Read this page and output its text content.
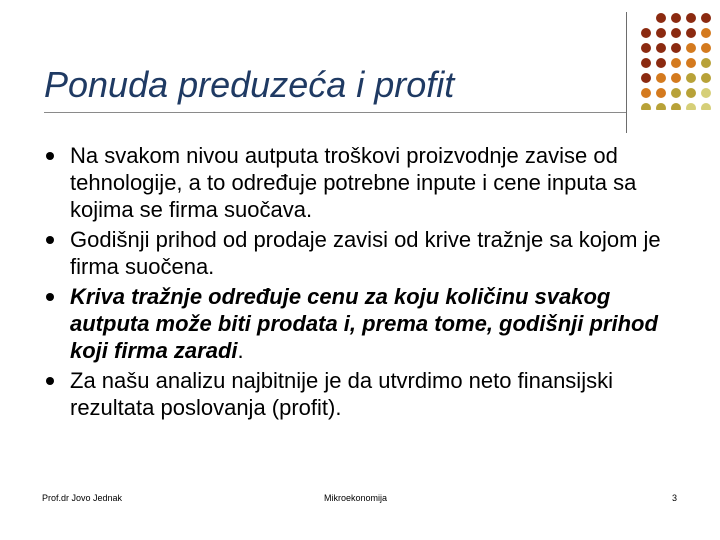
Ponuda preduzeća i profit
Na svakom nivou autputa troškovi proizvodnje zavise od tehnologije, a to određuje potrebne inpute i cene inputa sa kojima se firma suočava.
Godišnji prihod od prodaje zavisi od krive tražnje sa kojom je firma suočena.
Kriva tražnje određuje cenu za koju količinu svakog autputa može biti prodata i, prema tome, godišnji prihod koji firma zaradi.
Za našu analizu najbitnije je da utvrdimo neto finansijski rezultata poslovanja (profit).
Prof.dr Jovo Jednak	Mikroekonomija	3
